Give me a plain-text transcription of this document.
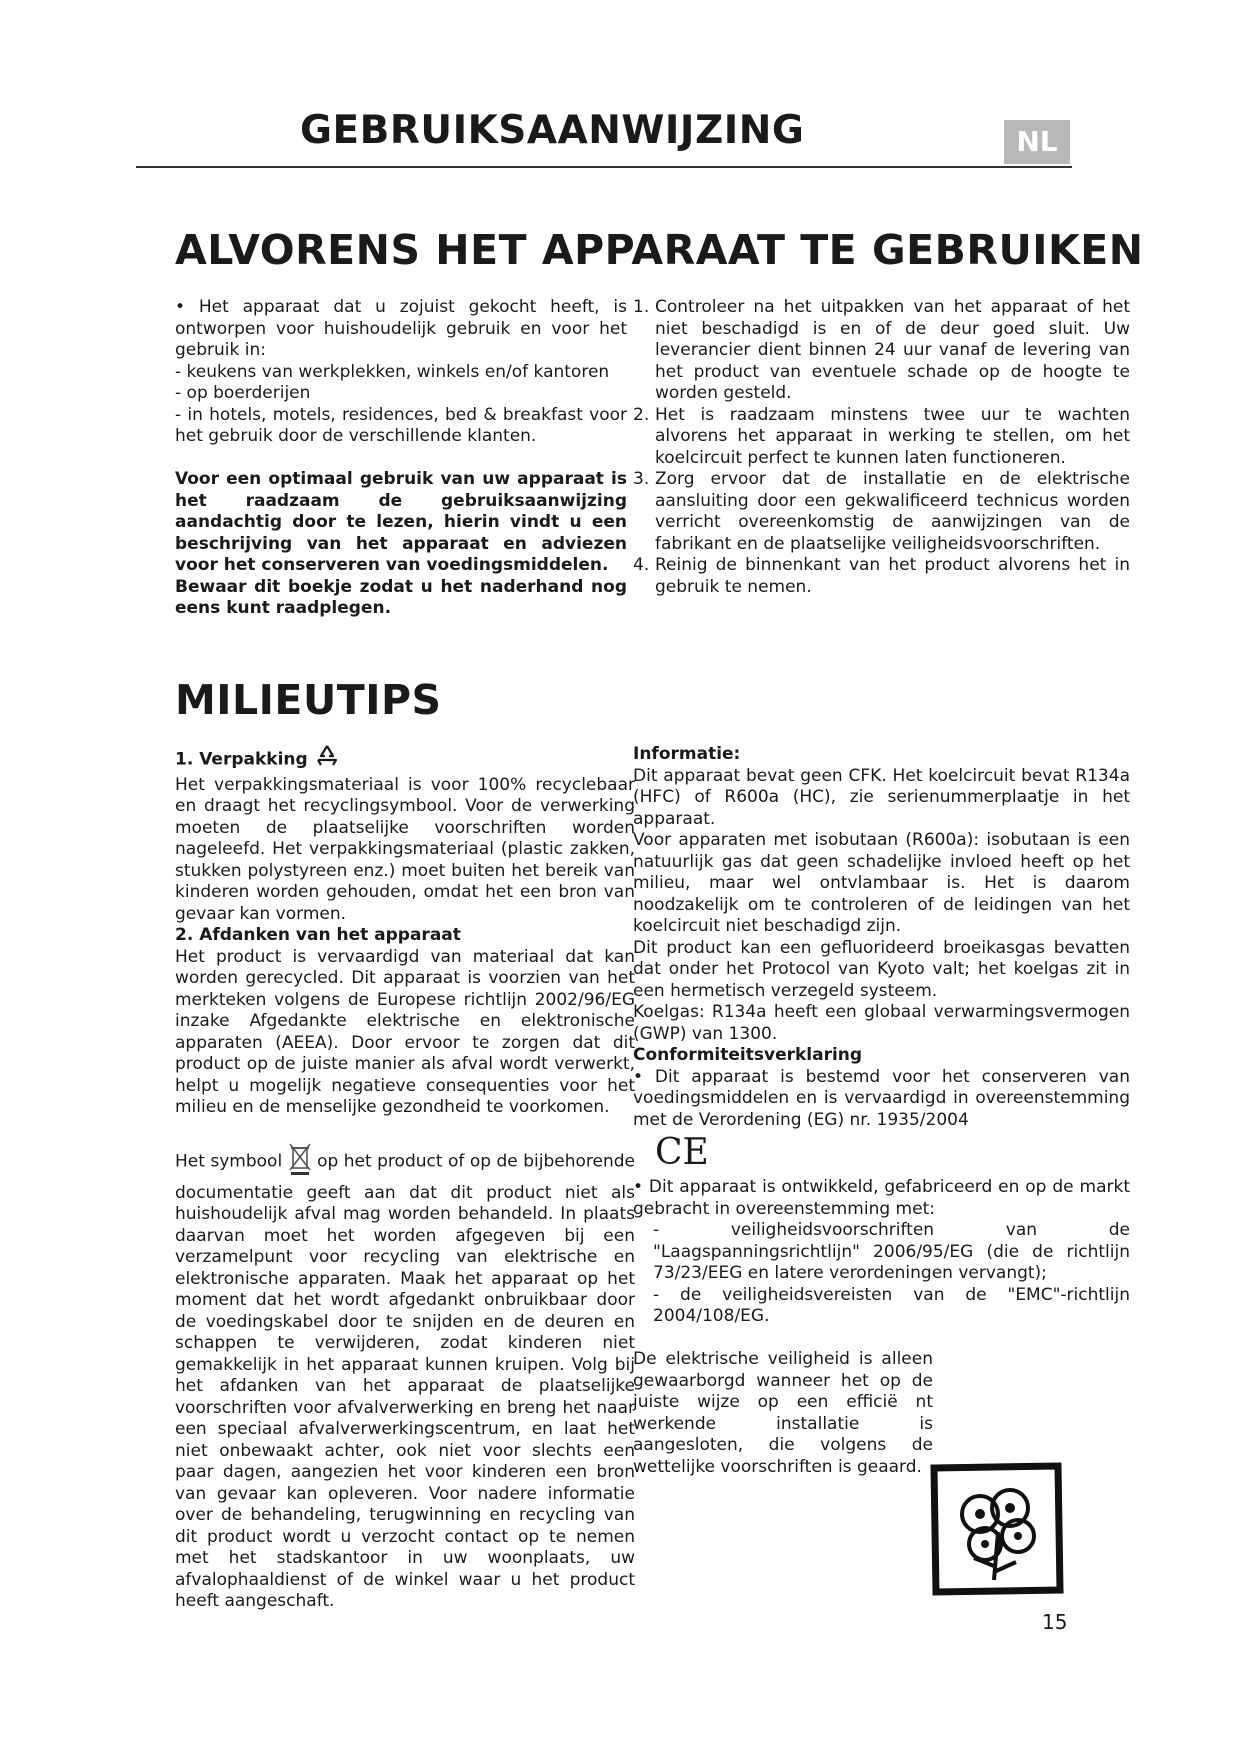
GEBRUIKSAANWIJZING	NL
ALVORENS HET APPARAAT TE GEBRUIKEN

• Het apparaat dat u zojuist gekocht heeft, is ontworpen voor huishoudelijk gebruik en voor het gebruik in:

- keukens van werkplekken, winkels en/of kantoren

- op boerderijen

- in hotels, motels, residences, bed & breakfast voor het gebruik door de verschillende klanten.

Voor een optimaal gebruik van uw apparaat is het raadzaam de gebruiksaanwijzing aandachtig door te lezen, hierin vindt u een beschrijving van het apparaat en adviezen voor het conserveren van voedingsmiddelen.

Bewaar dit boekje zodat u het naderhand nog eens kunt raadplegen.

1. Controleer na het uitpakken van het apparaat of het niet beschadigd is en of de deur goed sluit. Uw leverancier dient binnen 24 uur vanaf de levering van het product van eventuele schade op de hoogte te worden gesteld.
2. Het is raadzaam minstens twee uur te wachten alvorens het apparaat in werking te stellen, om het koelcircuit perfect te kunnen laten functioneren.
3. Zorg ervoor dat de installatie en de elektrische aansluiting door een gekwalificeerd technicus worden verricht overeenkomstig de aanwijzingen van de fabrikant en de plaatselijke veiligheidsvoorschriften.
4. Reinig de binnenkant van het product alvorens het in gebruik te nemen.
MILIEUTIPS

1. Verpakking

Het verpakkingsmateriaal is voor 100% recyclebaar en draagt het recyclingsymbool. Voor de verwerking moeten de plaatselijke voorschriften worden nageleefd. Het verpakkingsmateriaal (plastic zakken, stukken polystyreen enz.) moet buiten het bereik van kinderen worden gehouden, omdat het een bron van gevaar kan vormen.

2. Afdanken van het apparaat

Het product is vervaardigd van materiaal dat kan worden gerecycled. Dit apparaat is voorzien van het merkteken volgens de Europese richtlijn 2002/96/EG inzake Afgedankte elektrische en elektronische apparaten (AEEA). Door ervoor te zorgen dat dit product op de juiste manier als afval wordt verwerkt, helpt u mogelijk negatieve consequenties voor het milieu en de menselijke gezondheid te voorkomen.

Het symbool op het product of op de bijbehorende documentatie geeft aan dat dit product niet als huishoudelijk afval mag worden behandeld. In plaats daarvan moet het worden afgegeven bij een verzamelpunt voor recycling van elektrische en elektronische apparaten. Maak het apparaat op het moment dat het wordt afgedankt onbruikbaar door de voedingskabel door te snijden en de deuren en schappen te verwijderen, zodat kinderen niet gemakkelijk in het apparaat kunnen kruipen. Volg bij het afdanken van het apparaat de plaatselijke voorschriften voor afvalverwerking en breng het naar een speciaal afvalverwerkingscentrum, en laat het niet onbewaakt achter, ook niet voor slechts een paar dagen, aangezien het voor kinderen een bron van gevaar kan opleveren. Voor nadere informatie over de behandeling, terugwinning en recycling van dit product wordt u verzocht contact op te nemen met het stadskantoor in uw woonplaats, uw afvalophaaldienst of de winkel waar u het product heeft aangeschaft.

Informatie:

Dit apparaat bevat geen CFK. Het koelcircuit bevat R134a (HFC) of R600a (HC), zie serienummerplaatje in het apparaat.

Voor apparaten met isobutaan (R600a): isobutaan is een natuurlijk gas dat geen schadelijke invloed heeft op het milieu, maar wel ontvlambaar is. Het is daarom noodzakelijk om te controleren of de leidingen van het koelcircuit niet beschadigd zijn.

Dit product kan een gefluorideerd broeikasgas bevatten dat onder het Protocol van Kyoto valt; het koelgas zit in een hermetisch verzegeld systeem.

Koelgas: R134a heeft een globaal verwarmingsvermogen (GWP) van 1300.

Conformiteitsverklaring

• Dit apparaat is bestemd voor het conserveren van voedingsmiddelen en is vervaardigd in overeenstemming met de Verordening (EG) nr. 1935/2004

CE

• Dit apparaat is ontwikkeld, gefabriceerd en op de markt gebracht in overeenstemming met:

- veiligheidsvoorschriften van de "Laagspanningsrichtlijn" 2006/95/EG (die de richtlijn 73/23/EEG en latere verordeningen vervangt);

- de veiligheidsvereisten van de "EMC"-richtlijn 2004/108/EG.

De elektrische veiligheid is alleen gewaarborgd wanneer het op de juiste wijze op een efficië nt werkende installatie is aangesloten, die volgens de wettelijke voorschriften is geaard.

15
